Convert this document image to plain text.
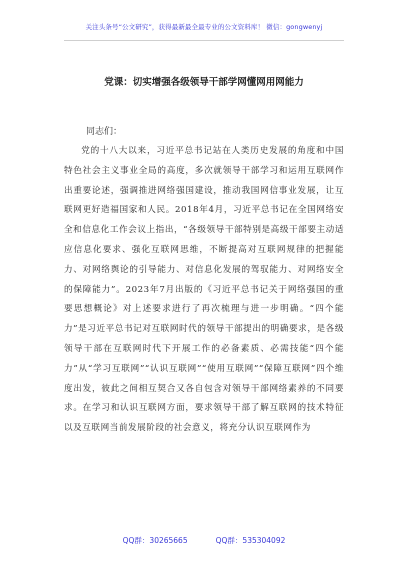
关注头条号“公文研究”，获得最新最全最专业的公文资料库！ 微信：gongwenyj
党课：切实增强各级领导干部学网懂网用网能力
同志们：

党的十八大以来，习近平总书记站在人类历史发展的角度和中国特色社会主义事业全局的高度，多次就领导干部学习和运用互联网作出重要论述，强调推进网络强国建设，推动我国网信事业发展，让互联网更好造福国家和人民。2018年4月，习近平总书记在全国网络安全和信息化工作会议上指出，“各级领导干部特别是高级干部要主动适应信息化要求、强化互联网思维，不断提高对互联网规律的把握能力、对网络舆论的引导能力、对信息化发展的驾驭能力、对网络安全的保障能力”。2023年7月出版的《习近平总书记关于网络强国的重要思想概论》对上述要求进行了再次梳理与进一步明确。“四个能力”是习近平总书记对互联网时代的领导干部提出的明确要求，是各级领导干部在互联网时代下开展工作的必备素质、必需技能“四个能力”从“学习互联网”“认识互联网”“使用互联网”“保障互联网”四个维度出发，彼此之间相互契合又各自包含对领导干部网络素养的不同要求。在学习和认识互联网方面，要求领导干部了解互联网的技术特征以及互联网当前发展阶段的社会意义，将充分认识互联网作为

QQ群：30265665	QQ群：535304092
